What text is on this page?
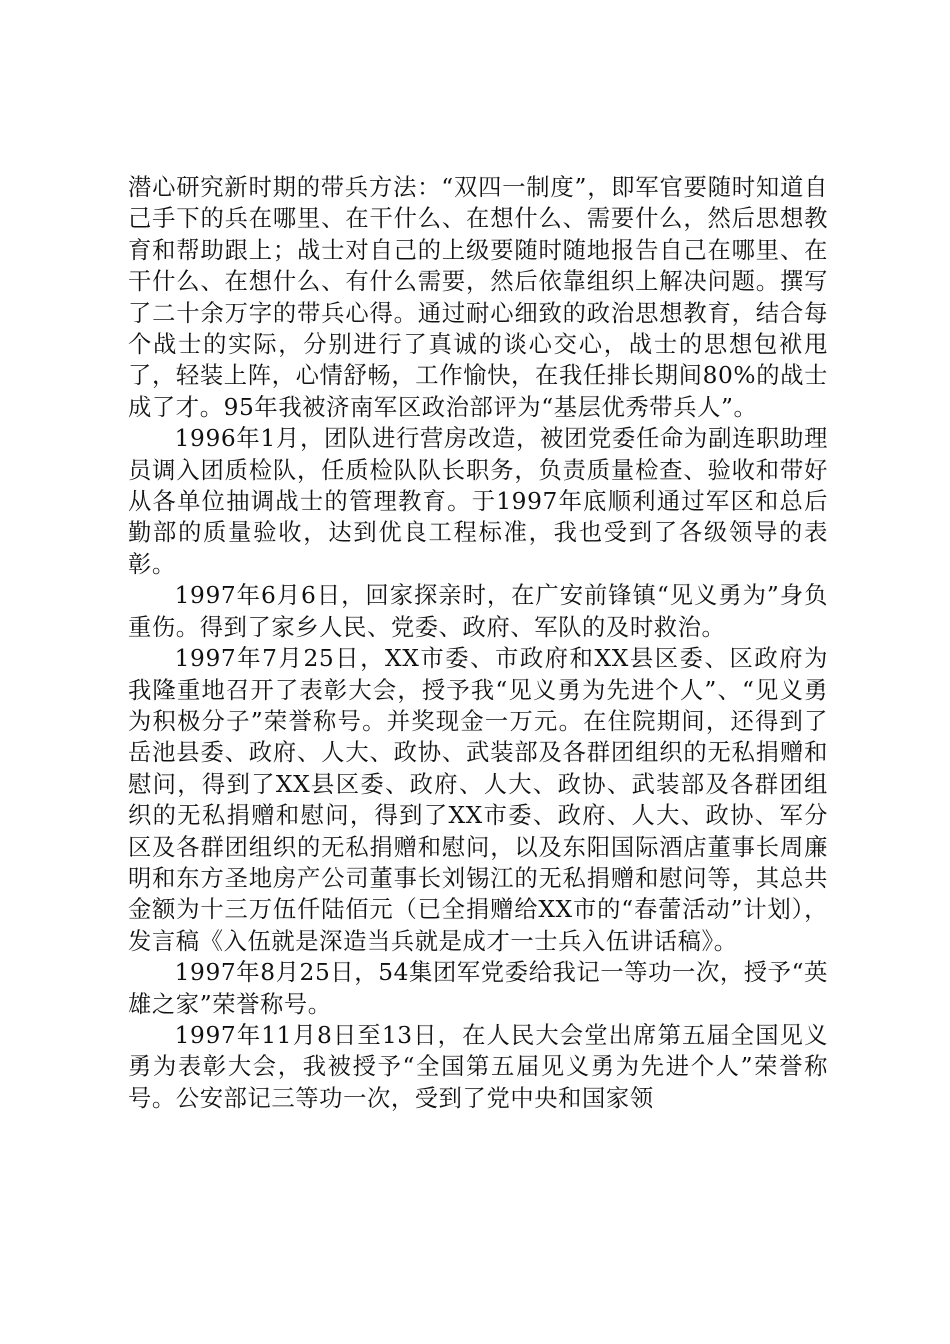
潜心研究新时期的带兵方法：“双四一制度”，即军官要随时知道自己手下的兵在哪里、在干什么、在想什么、需要什么，然后思想教育和帮助跟上；战士对自己的上级要随时随地报告自己在哪里、在干什么、在想什么、有什么需要，然后依靠组织上解决问题。撰写了二十余万字的带兵心得。通过耐心细致的政治思想教育，结合每个战士的实际，分别进行了真诚的谈心交心，战士的思想包袱甩了，轻装上阵，心情舒畅，工作愉快，在我任排长期间80%的战士成了才。95年我被济南军区政治部评为“基层优秀带兵人”。

1996年1月，团队进行营房改造，被团党委任命为副连职助理员调入团质检队，任质检队队长职务，负责质量检查、验收和带好从各单位抽调战士的管理教育。于1997年底顺利通过军区和总后勤部的质量验收，达到优良工程标准，我也受到了各级领导的表彰。

1997年6月6日，回家探亲时，在广安前锋镇“见义勇为”身负重伤。得到了家乡人民、党委、政府、军队的及时救治。

1997年7月25日，XX市委、市政府和XX县区委、区政府为我隆重地召开了表彰大会，授予我“见义勇为先进个人”、“见义勇为积极分子”荣誉称号。并奖现金一万元。在住院期间，还得到了岳池县委、政府、人大、政协、武装部及各群团组织的无私捐赠和慰问，得到了XX县区委、政府、人大、政协、武装部及各群团组织的无私捐赠和慰问，得到了XX市委、政府、人大、政协、军分区及各群团组织的无私捐赠和慰问，以及东阳国际酒店董事长周廉明和东方圣地房产公司董事长刘锡江的无私捐赠和慰问等，其总共金额为十三万伍仟陆佰元（已全捐赠给XX市的“春蕾活动”计划），发言稿《入伍就是深造当兵就是成才一士兵入伍讲话稿》。

1997年8月25日，54集团军党委给我记一等功一次，授予“英雄之家”荣誉称号。

1997年11月8日至13日，在人民大会堂出席第五届全国见义勇为表彰大会，我被授予“全国第五届见义勇为先进个人”荣誉称号。公安部记三等功一次，受到了党中央和国家领
